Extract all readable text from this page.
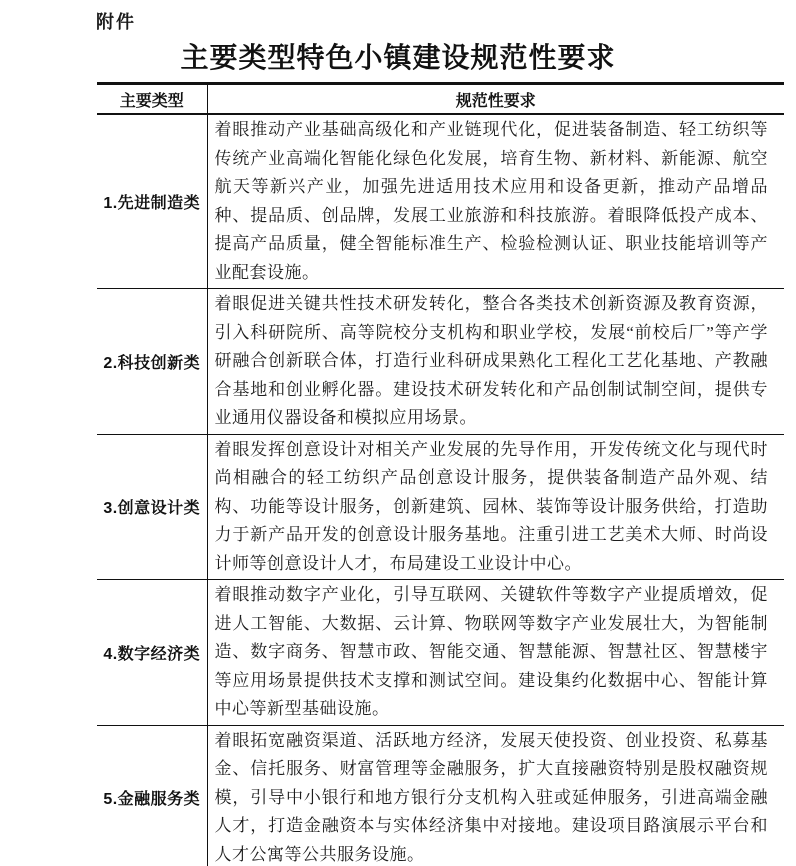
附件
主要类型特色小镇建设规范性要求
主要类型	规范性要求
1.先进制造类	着眼推动产业基础高级化和产业链现代化，促进装备制造、轻工纺织等传统产业高端化智能化绿色化发展，培育生物、新材料、新能源、航空航天等新兴产业，加强先进适用技术应用和设备更新，推动产品增品种、提品质、创品牌，发展工业旅游和科技旅游。着眼降低投产成本、提高产品质量，健全智能标准生产、检验检测认证、职业技能培训等产业配套设施。

2.科技创新类	着眼促进关键共性技术研发转化，整合各类技术创新资源及教育资源，引入科研院所、高等院校分支机构和职业学校，发展“前校后厂”等产学研融合创新联合体，打造行业科研成果熟化工程化工艺化基地、产教融合基地和创业孵化器。建设技术研发转化和产品创制试制空间，提供专业通用仪器设备和模拟应用场景。

3.创意设计类	着眼发挥创意设计对相关产业发展的先导作用，开发传统文化与现代时尚相融合的轻工纺织产品创意设计服务，提供装备制造产品外观、结构、功能等设计服务，创新建筑、园林、装饰等设计服务供给，打造助力于新产品开发的创意设计服务基地。注重引进工艺美术大师、时尚设计师等创意设计人才，布局建设工业设计中心。

4.数字经济类	着眼推动数字产业化，引导互联网、关键软件等数字产业提质增效，促进人工智能、大数据、云计算、物联网等数字产业发展壮大，为智能制造、数字商务、智慧市政、智能交通、智慧能源、智慧社区、智慧楼宇等应用场景提供技术支撑和测试空间。建设集约化数据中心、智能计算中心等新型基础设施。

5.金融服务类	着眼拓宽融资渠道、活跃地方经济，发展天使投资、创业投资、私募基金、信托服务、财富管理等金融服务，扩大直接融资特别是股权融资规模，引导中小银行和地方银行分支机构入驻或延伸服务，引进高端金融人才，打造金融资本与实体经济集中对接地。建设项目路演展示平台和人才公寓等公共服务设施。
